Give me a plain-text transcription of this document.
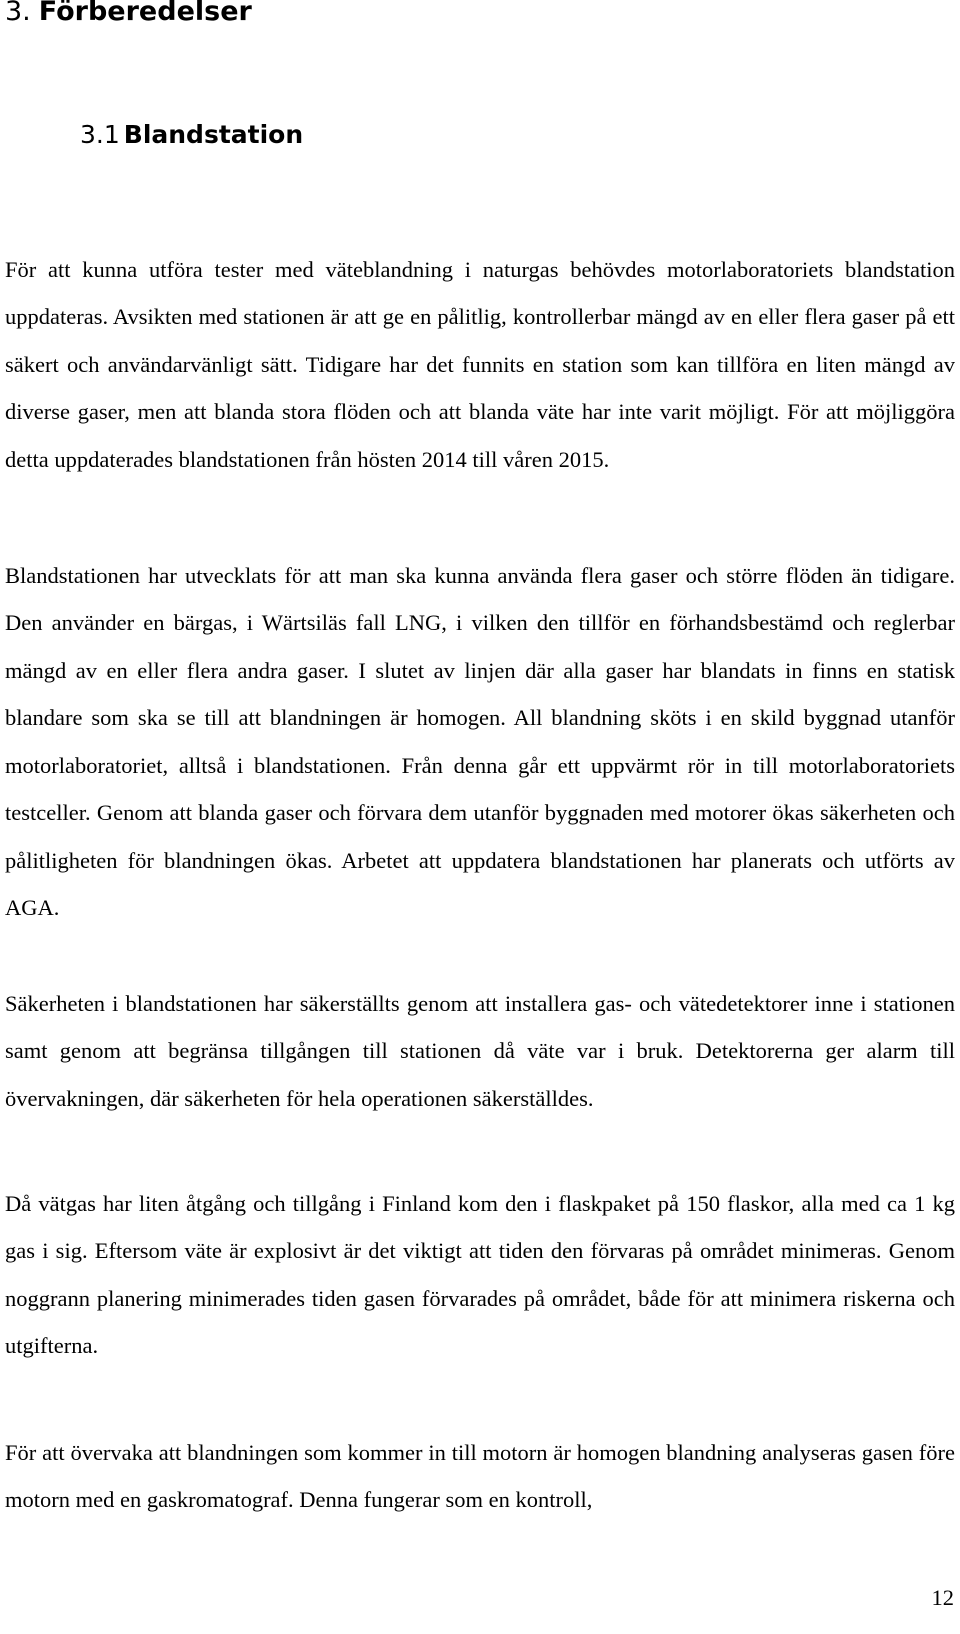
3. Förberedelser
3.1 Blandstation

För att kunna utföra tester med väteblandning i naturgas behövdes motorlaboratoriets blandstation uppdateras. Avsikten med stationen är att ge en pålitlig, kontrollerbar mängd av en eller flera gaser på ett säkert och användarvänligt sätt. Tidigare har det funnits en station som kan tillföra en liten mängd av diverse gaser, men att blanda stora flöden och att blanda väte har inte varit möjligt. För att möjliggöra detta uppdaterades blandstationen från hösten 2014 till våren 2015.

Blandstationen har utvecklats för att man ska kunna använda flera gaser och större flöden än tidigare. Den använder en bärgas, i Wärtsiläs fall LNG, i vilken den tillför en förhandsbestämd och reglerbar mängd av en eller flera andra gaser. I slutet av linjen där alla gaser har blandats in finns en statisk blandare som ska se till att blandningen är homogen. All blandning sköts i en skild byggnad utanför motorlaboratoriet, alltså i blandstationen. Från denna går ett uppvärmt rör in till motorlaboratoriets testceller. Genom att blanda gaser och förvara dem utanför byggnaden med motorer ökas säkerheten och pålitligheten för blandningen ökas. Arbetet att uppdatera blandstationen har planerats och utförts av AGA.

Säkerheten i blandstationen har säkerställts genom att installera gas- och vätedetektorer inne i stationen samt genom att begränsa tillgången till stationen då väte var i bruk. Detektorerna ger alarm till övervakningen, där säkerheten för hela operationen säkerställdes.

Då vätgas har liten åtgång och tillgång i Finland kom den i flaskpaket på 150 flaskor, alla med ca 1 kg gas i sig. Eftersom väte är explosivt är det viktigt att tiden den förvaras på området minimeras. Genom noggrann planering minimerades tiden gasen förvarades på området, både för att minimera riskerna och utgifterna.

För att övervaka att blandningen som kommer in till motorn är homogen blandning analyseras gasen före motorn med en gaskromatograf. Denna fungerar som en kontroll,

12
